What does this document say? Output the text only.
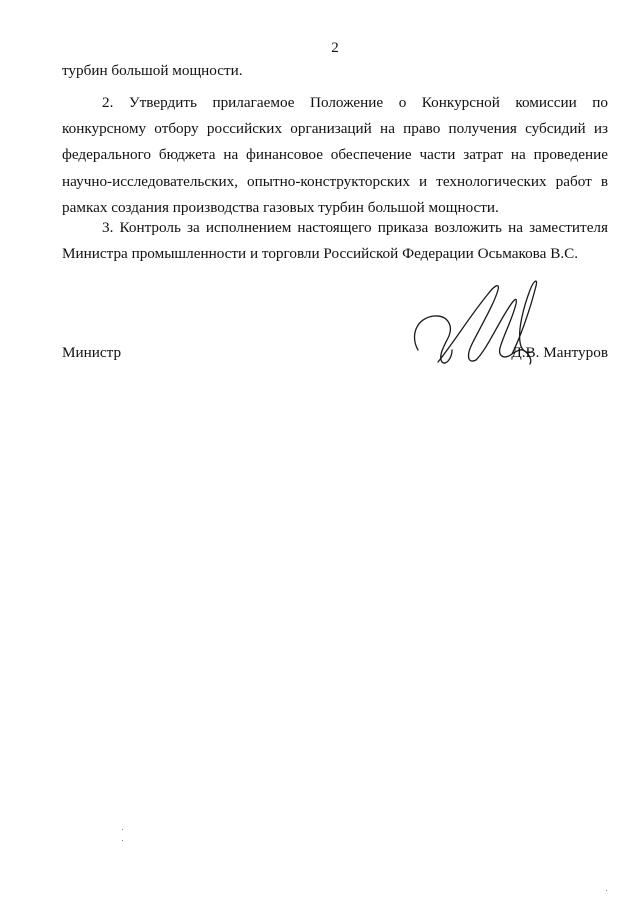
2

турбин большой мощности.

2. Утвердить прилагаемое Положение о Конкурсной комиссии по конкурсному отбору российских организаций на право получения субсидий из федерального бюджета на финансовое обеспечение части затрат на проведение научно-исследовательских, опытно-конструкторских и технологических работ в рамках создания производства газовых турбин большой мощности.

3. Контроль за исполнением настоящего приказа возложить на заместителя Министра промышленности и торговли Российской Федерации Осьмакова В.С.

Министр	Д.В. Мантуров
